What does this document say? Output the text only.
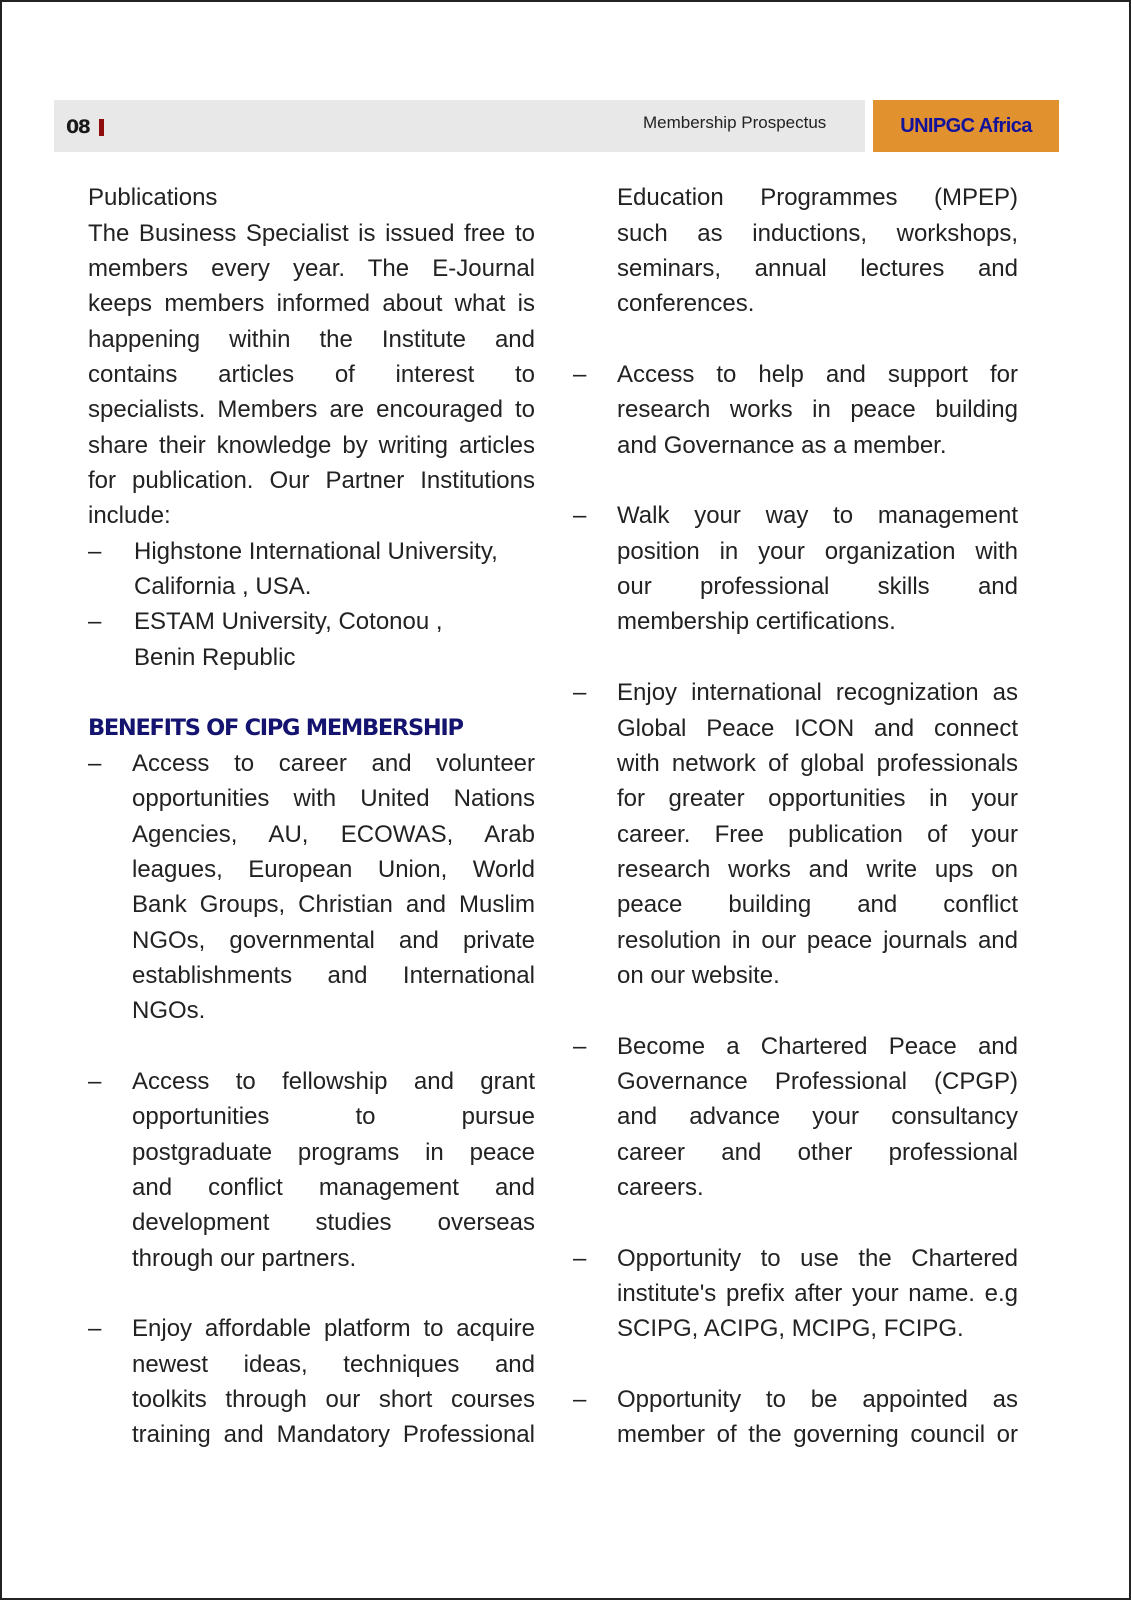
08	Membership Prospectus	UNIPGC Africa
Publications
The Business Specialist is issued free to
members every year. The E-Journal
keeps members informed about what is
happening within the Institute and
contains articles of interest to
specialists. Members are encouraged to
share their knowledge by writing articles
for publication. Our Partner Institutions
include:
– Highstone International University,
California , USA.
– ESTAM University, Cotonou ,
Benin Republic
BENEFITS OF CIPG MEMBERSHIP
– Access to career and volunteer
opportunities with United Nations
Agencies, AU, ECOWAS, Arab
leagues, European Union, World
Bank Groups, Christian and Muslim
NGOs, governmental and private
establishments and International
NGOs.
– Access to fellowship and grant
opportunities to pursue
postgraduate programs in peace
and conflict management and
development studies overseas
through our partners.
– Enjoy affordable platform to acquire
newest ideas, techniques and
toolkits through our short courses
training and Mandatory Professional
Education Programmes (MPEP)
such as inductions, workshops,
seminars, annual lectures and
conferences.
– Access to help and support for
research works in peace building
and Governance as a member.
– Walk your way to management
position in your organization with
our professional skills and
membership certifications.
– Enjoy international recognization as
Global Peace ICON and connect
with network of global professionals
for greater opportunities in your
career. Free publication of your
research works and write ups on
peace building and conflict
resolution in our peace journals and
on our website.
– Become a Chartered Peace and
Governance Professional (CPGP)
and advance your consultancy
career and other professional
careers.
– Opportunity to use the Chartered
institute's prefix after your name. e.g
SCIPG, ACIPG, MCIPG, FCIPG.
– Opportunity to be appointed as
member of the governing council or
